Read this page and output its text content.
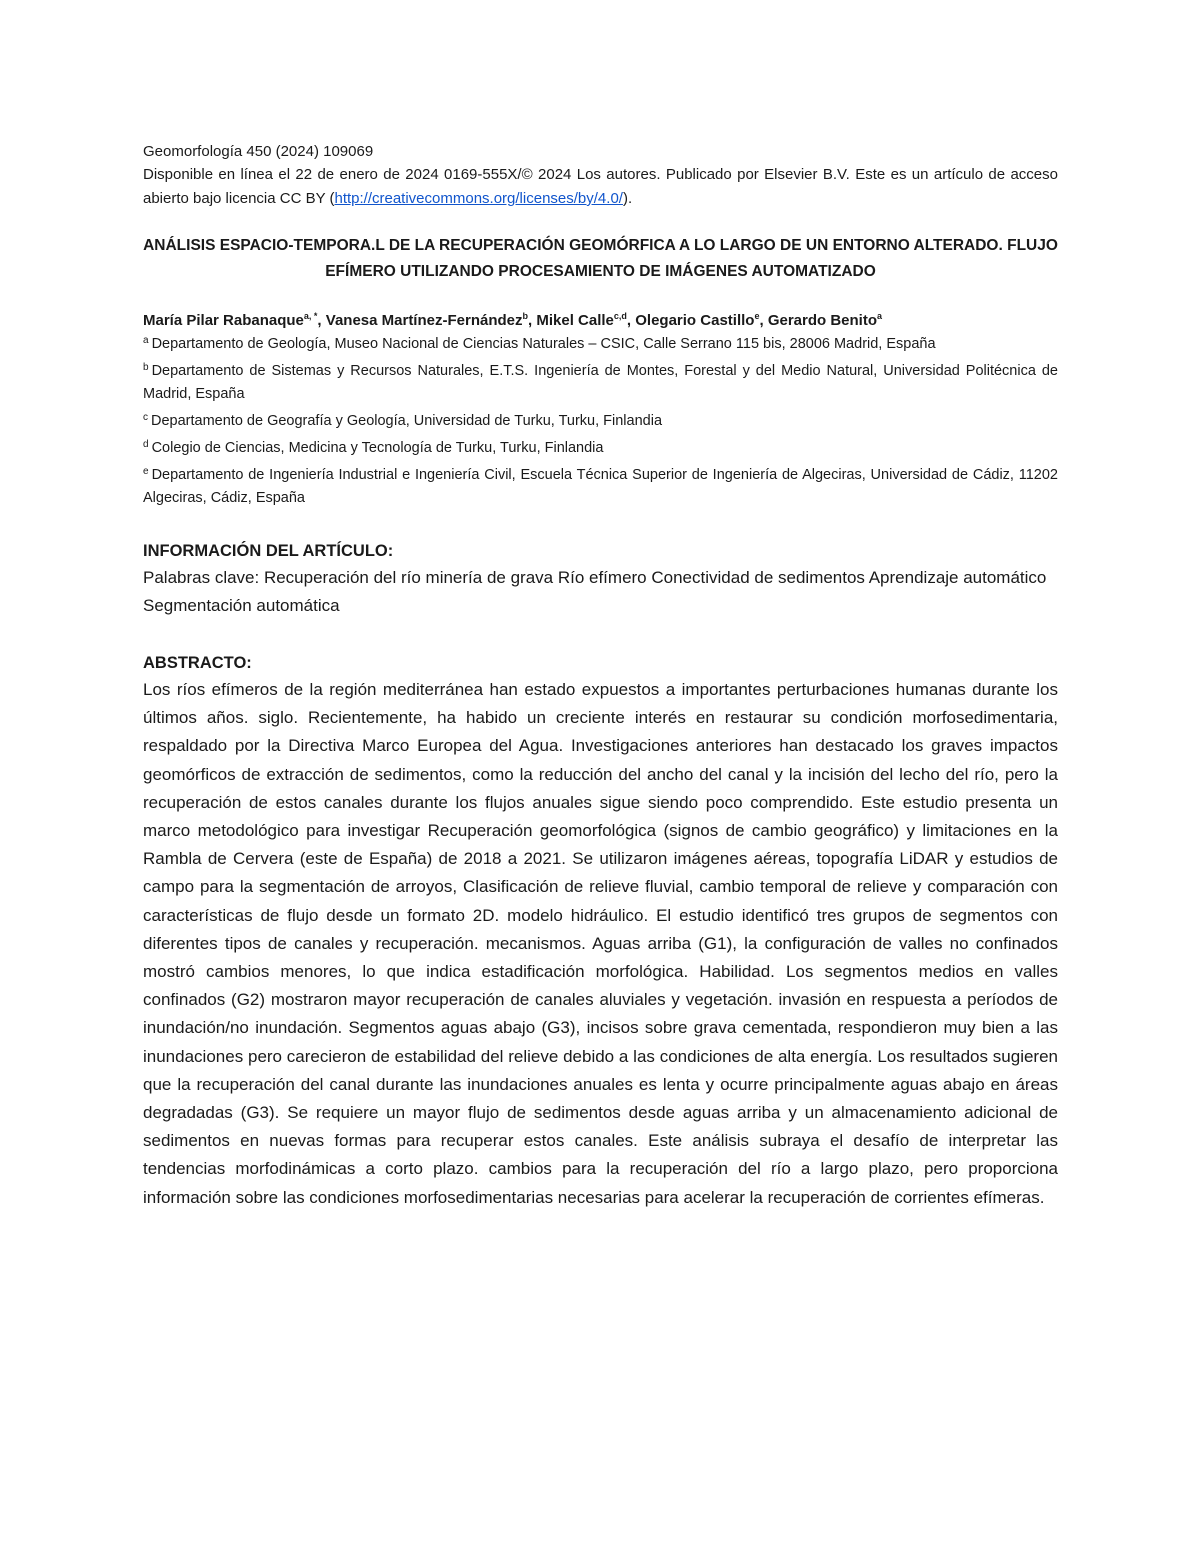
Geomorfología 450 (2024) 109069

Disponible en línea el 22 de enero de 2024 0169-555X/© 2024 Los autores. Publicado por Elsevier B.V. Este es un artículo de acceso abierto bajo licencia CC BY (http://creativecommons.org/licenses/by/4.0/).

ANÁLISIS ESPACIO-TEMPORA.L DE LA RECUPERACIÓN GEOMÓRFICA A LO LARGO DE UN ENTORNO ALTERADO. FLUJO EFÍMERO UTILIZANDO PROCESAMIENTO DE IMÁGENES AUTOMATIZADO

María Pilar Rabanaque$^{a, *}$, Vanesa Martínez-Fernández$^b$, Mikel Calle$^{c,d}$, Olegario Castillo$^e$, Gerardo Benito$^a$

$^a$ Departamento de Geología, Museo Nacional de Ciencias Naturales – CSIC, Calle Serrano 115 bis, 28006 Madrid, España

$^b$ Departamento de Sistemas y Recursos Naturales, E.T.S. Ingeniería de Montes, Forestal y del Medio Natural, Universidad Politécnica de Madrid, España

$^c$ Departamento de Geografía y Geología, Universidad de Turku, Turku, Finlandia

$^d$ Colegio de Ciencias, Medicina y Tecnología de Turku, Turku, Finlandia

$^e$ Departamento de Ingeniería Industrial e Ingeniería Civil, Escuela Técnica Superior de Ingeniería de Algeciras, Universidad de Cádiz, 11202 Algeciras, Cádiz, España

INFORMACIÓN DEL ARTÍCULO:

Palabras clave: Recuperación del río minería de grava Río efímero Conectividad de sedimentos Aprendizaje automático Segmentación automática

ABSTRACTO:

Los ríos efímeros de la región mediterránea han estado expuestos a importantes perturbaciones humanas durante los últimos años. siglo. Recientemente, ha habido un creciente interés en restaurar su condición morfosedimentaria, respaldado por la Directiva Marco Europea del Agua. Investigaciones anteriores han destacado los graves impactos geomórficos de extracción de sedimentos, como la reducción del ancho del canal y la incisión del lecho del río, pero la recuperación de estos canales durante los flujos anuales sigue siendo poco comprendido. Este estudio presenta un marco metodológico para investigar Recuperación geomorfológica (signos de cambio geográfico) y limitaciones en la Rambla de Cervera (este de España) de 2018 a 2021. Se utilizaron imágenes aéreas, topografía LiDAR y estudios de campo para la segmentación de arroyos, Clasificación de relieve fluvial, cambio temporal de relieve y comparación con características de flujo desde un formato 2D. modelo hidráulico. El estudio identificó tres grupos de segmentos con diferentes tipos de canales y recuperación. mecanismos. Aguas arriba (G1), la configuración de valles no confinados mostró cambios menores, lo que indica estadificación morfológica. Habilidad. Los segmentos medios en valles confinados (G2) mostraron mayor recuperación de canales aluviales y vegetación. invasión en respuesta a períodos de inundación/no inundación. Segmentos aguas abajo (G3), incisos sobre grava cementada, respondieron muy bien a las inundaciones pero carecieron de estabilidad del relieve debido a las condiciones de alta energía. Los resultados sugieren que la recuperación del canal durante las inundaciones anuales es lenta y ocurre principalmente aguas abajo en áreas degradadas (G3). Se requiere un mayor flujo de sedimentos desde aguas arriba y un almacenamiento adicional de sedimentos en nuevas formas para recuperar estos canales. Este análisis subraya el desafío de interpretar las tendencias morfodinámicas a corto plazo. cambios para la recuperación del río a largo plazo, pero proporciona información sobre las condiciones morfosedimentarias necesarias para acelerar la recuperación de corrientes efímeras.
